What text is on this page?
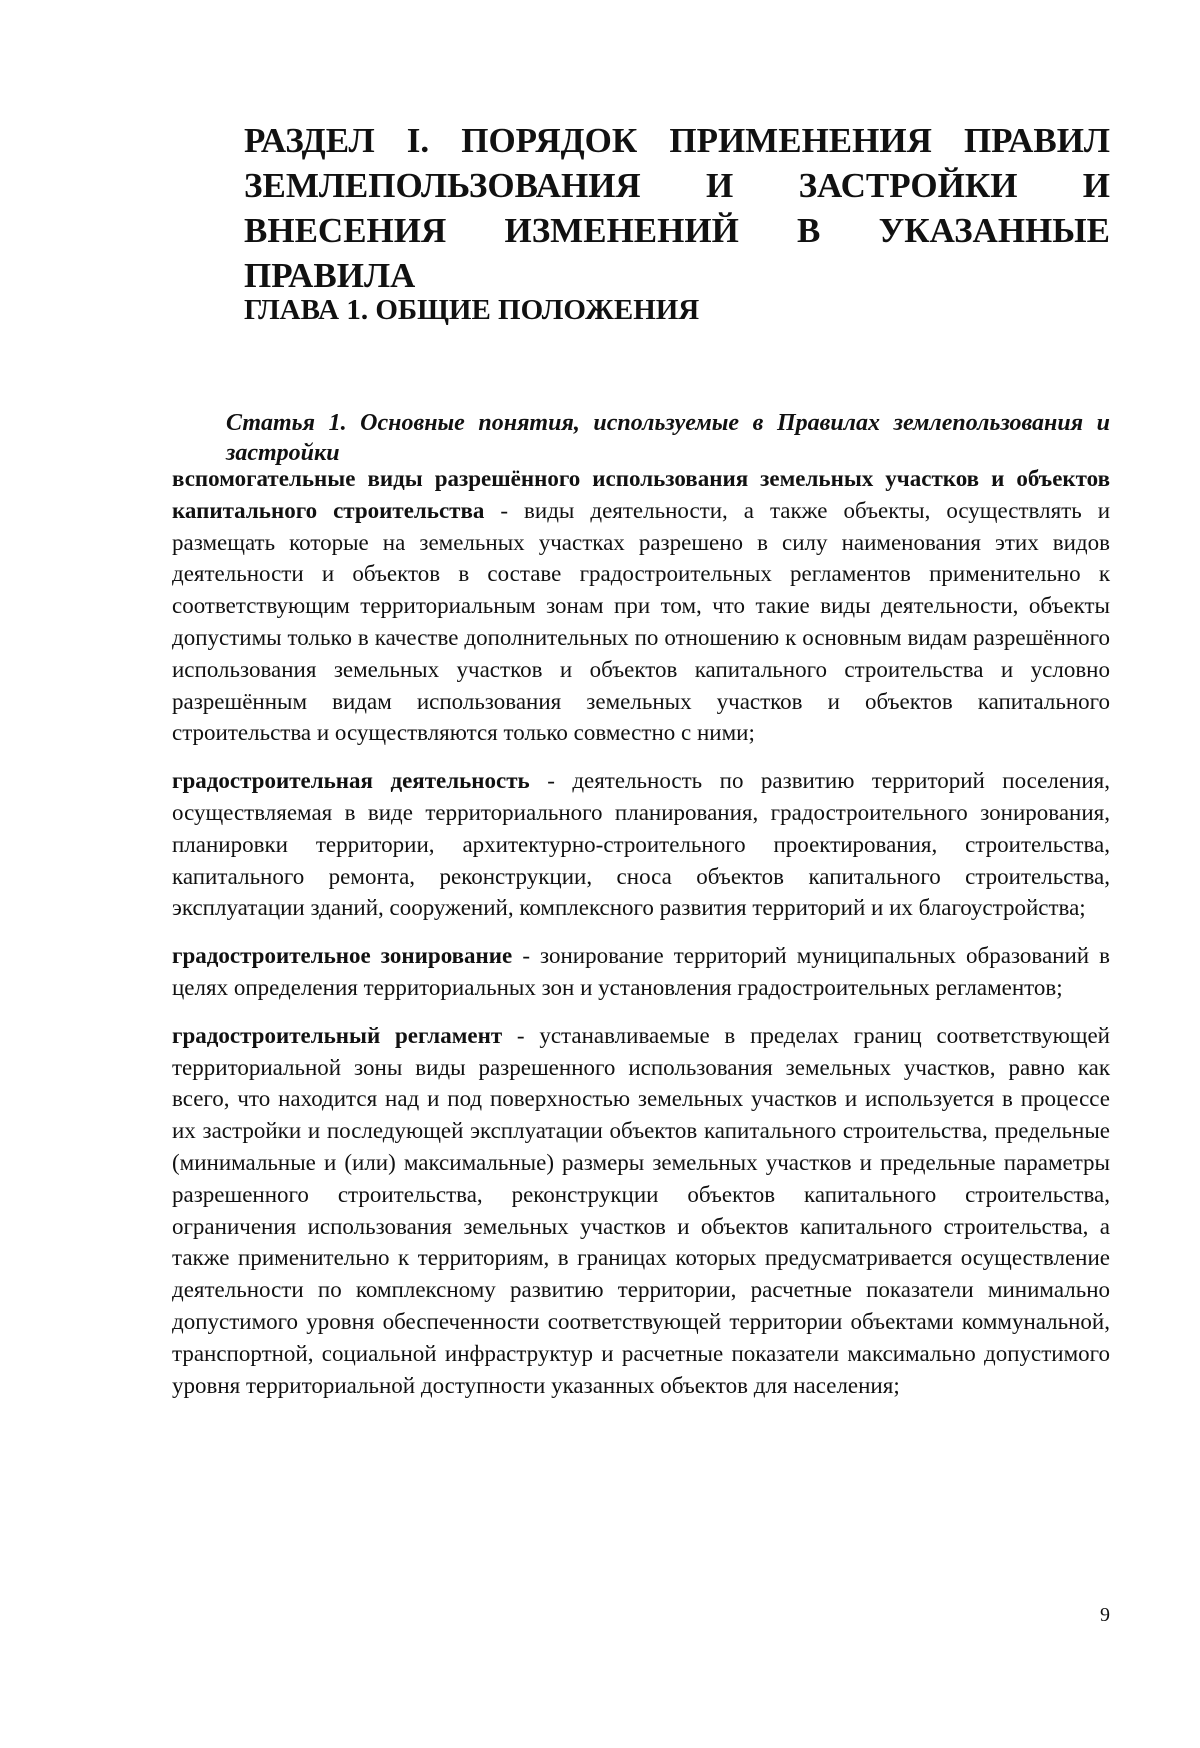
РАЗДЕЛ I. ПОРЯДОК ПРИМЕНЕНИЯ ПРАВИЛ ЗЕМЛЕПОЛЬЗОВАНИЯ И ЗАСТРОЙКИ И ВНЕСЕНИЯ ИЗМЕНЕНИЙ В УКАЗАННЫЕ ПРАВИЛА
ГЛАВА 1. ОБЩИЕ ПОЛОЖЕНИЯ
Статья 1. Основные понятия, используемые в Правилах землепользования и застройки

вспомогательные виды разрешённого использования земельных участков и объектов капитального строительства - виды деятельности, а также объекты, осуществлять и размещать которые на земельных участках разрешено в силу наименования этих видов деятельности и объектов в составе градостроительных регламентов применительно к соответствующим территориальным зонам при том, что такие виды деятельности, объекты допустимы только в качестве дополнительных по отношению к основным видам разрешённого использования земельных участков и объектов капитального строительства и условно разрешённым видам использования земельных участков и объектов капитального строительства и осуществляются только совместно с ними;

градостроительная деятельность - деятельность по развитию территорий поселения, осуществляемая в виде территориального планирования, градостроительного зонирования, планировки территории, архитектурно-строительного проектирования, строительства, капитального ремонта, реконструкции, сноса объектов капитального строительства, эксплуатации зданий, сооружений, комплексного развития территорий и их благоустройства;

градостроительное зонирование - зонирование территорий муниципальных образований в целях определения территориальных зон и установления градостроительных регламентов;

градостроительный регламент - устанавливаемые в пределах границ соответствующей территориальной зоны виды разрешенного использования земельных участков, равно как всего, что находится над и под поверхностью земельных участков и используется в процессе их застройки и последующей эксплуатации объектов капитального строительства, предельные (минимальные и (или) максимальные) размеры земельных участков и предельные параметры разрешенного строительства, реконструкции объектов капитального строительства, ограничения использования земельных участков и объектов капитального строительства, а также применительно к территориям, в границах которых предусматривается осуществление деятельности по комплексному развитию территории, расчетные показатели минимально допустимого уровня обеспеченности соответствующей территории объектами коммунальной, транспортной, социальной инфраструктур и расчетные показатели максимально допустимого уровня территориальной доступности указанных объектов для населения;

9
